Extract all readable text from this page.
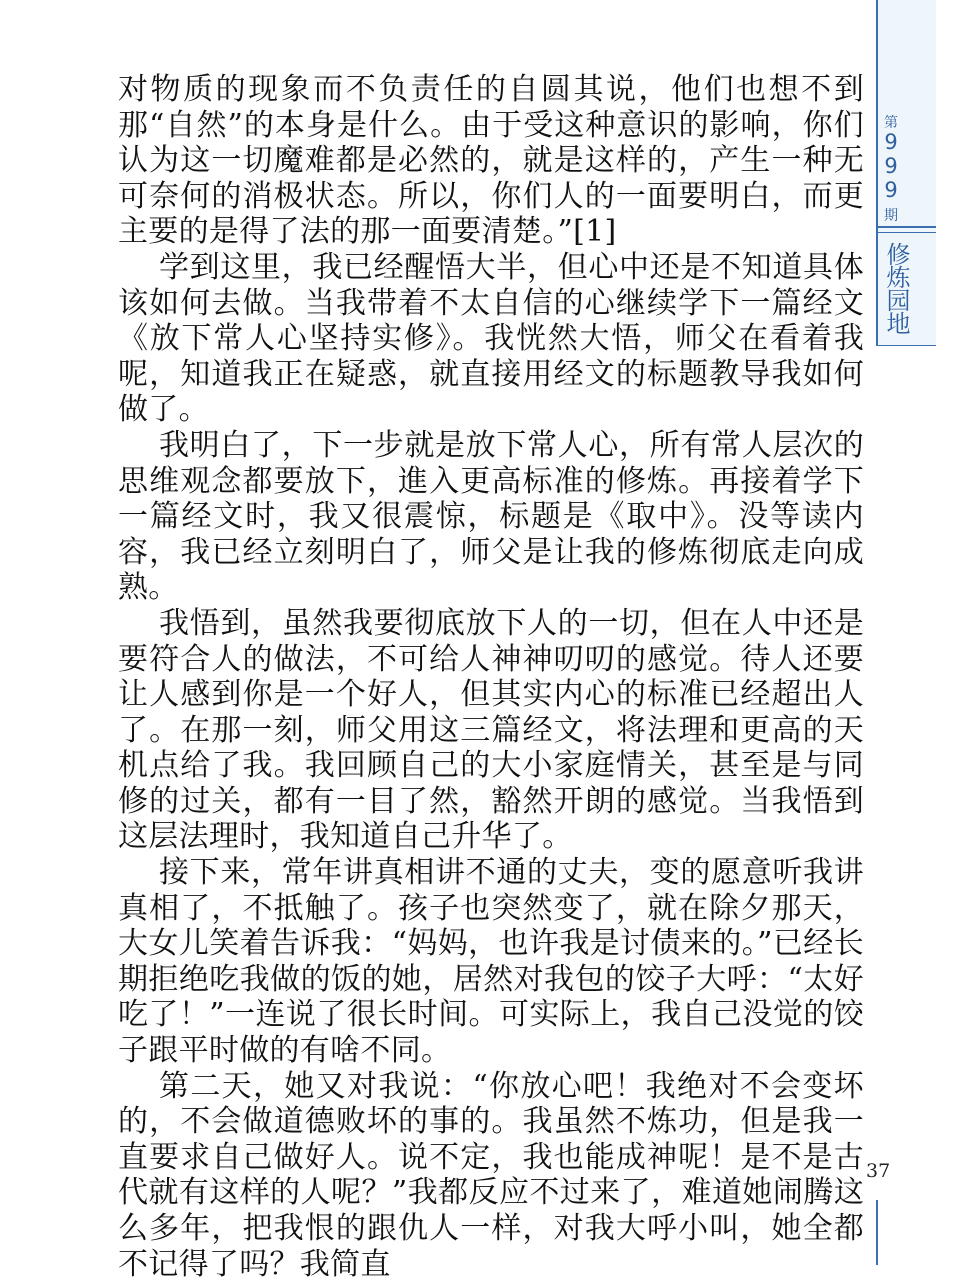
第
9
9
9
期
修炼园地

对物质的现象而不负责任的自圆其说，他们也想不到那“自然”的本身是什么。由于受这种意识的影响，你们认为这一切魔难都是必然的，就是这样的，产生一种无可奈何的消极状态。所以，你们人的一面要明白，而更主要的是得了法的那一面要清楚。”[1]

学到这里，我已经醒悟大半，但心中还是不知道具体该如何去做。当我带着不太自信的心继续学下一篇经文《放下常人心坚持实修》。我恍然大悟，师父在看着我呢，知道我正在疑惑，就直接用经文的标题教导我如何做了。

我明白了，下一步就是放下常人心，所有常人层次的思维观念都要放下，進入更高标准的修炼。再接着学下一篇经文时，我又很震惊，标题是《取中》。没等读内容，我已经立刻明白了，师父是让我的修炼彻底走向成熟。

我悟到，虽然我要彻底放下人的一切，但在人中还是要符合人的做法，不可给人神神叨叨的感觉。待人还要让人感到你是一个好人，但其实内心的标准已经超出人了。在那一刻，师父用这三篇经文，将法理和更高的天机点给了我。我回顾自己的大小家庭情关，甚至是与同修的过关，都有一目了然，豁然开朗的感觉。当我悟到这层法理时，我知道自己升华了。

接下来，常年讲真相讲不通的丈夫，变的愿意听我讲真相了，不抵触了。孩子也突然变了，就在除夕那天，大女儿笑着告诉我：“妈妈，也许我是讨债来的。”已经长期拒绝吃我做的饭的她，居然对我包的饺子大呼：“太好吃了！”一连说了很长时间。可实际上，我自己没觉的饺子跟平时做的有啥不同。

第二天，她又对我说：“你放心吧！我绝对不会变坏的，不会做道德败坏的事的。我虽然不炼功，但是我一直要求自己做好人。说不定，我也能成神呢！是不是古代就有这样的人呢？”我都反应不过来了，难道她闹腾这么多年，把我恨的跟仇人一样，对我大呼小叫，她全都不记得了吗？我简直

37
